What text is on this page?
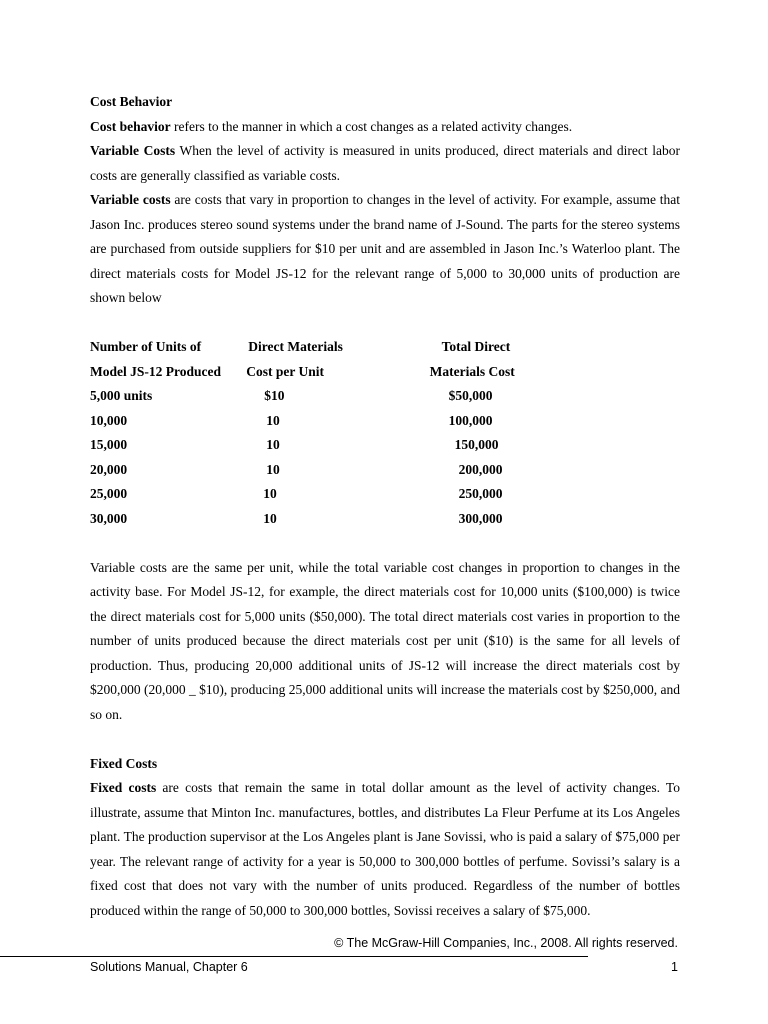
Cost Behavior

Cost behavior refers to the manner in which a cost changes as a related activity changes.

Variable Costs When the level of activity is measured in units produced, direct materials and direct labor costs are generally classified as variable costs.

Variable costs are costs that vary in proportion to changes in the level of activity. For example, assume that Jason Inc. produces stereo sound systems under the brand name of J-Sound. The parts for the stereo systems are purchased from outside suppliers for $10 per unit and are assembled in Jason Inc.’s Waterloo plant. The direct materials costs for Model JS-12 for the relevant range of 5,000 to 30,000 units of production are shown below

Number of Units of	Direct Materials	Total Direct
Model JS-12 Produced	Cost per Unit	Materials Cost
5,000 units	$10	$50,000
10,000	10	100,000
15,000	10	150,000
20,000	10	200,000
25,000	10	250,000
30,000	10	300,000

Variable costs are the same per unit, while the total variable cost changes in proportion to changes in the activity base. For Model JS-12, for example, the direct materials cost for 10,000 units ($100,000) is twice the direct materials cost for 5,000 units ($50,000). The total direct materials cost varies in proportion to the number of units produced because the direct materials cost per unit ($10) is the same for all levels of production. Thus, producing 20,000 additional units of JS-12 will increase the direct materials cost by $200,000 (20,000 _ $10), producing 25,000 additional units will increase the materials cost by $250,000, and so on.

Fixed Costs

Fixed costs are costs that remain the same in total dollar amount as the level of activity changes. To illustrate, assume that Minton Inc. manufactures, bottles, and distributes La Fleur Perfume at its Los Angeles plant. The production supervisor at the Los Angeles plant is Jane Sovissi, who is paid a salary of $75,000 per year. The relevant range of activity for a year is 50,000 to 300,000 bottles of perfume. Sovissi’s salary is a fixed cost that does not vary with the number of units produced. Regardless of the number of bottles produced within the range of 50,000 to 300,000 bottles, Sovissi receives a salary of $75,000.

© The McGraw-Hill Companies, Inc., 2008. All rights reserved.
Solutions Manual, Chapter 6	1
